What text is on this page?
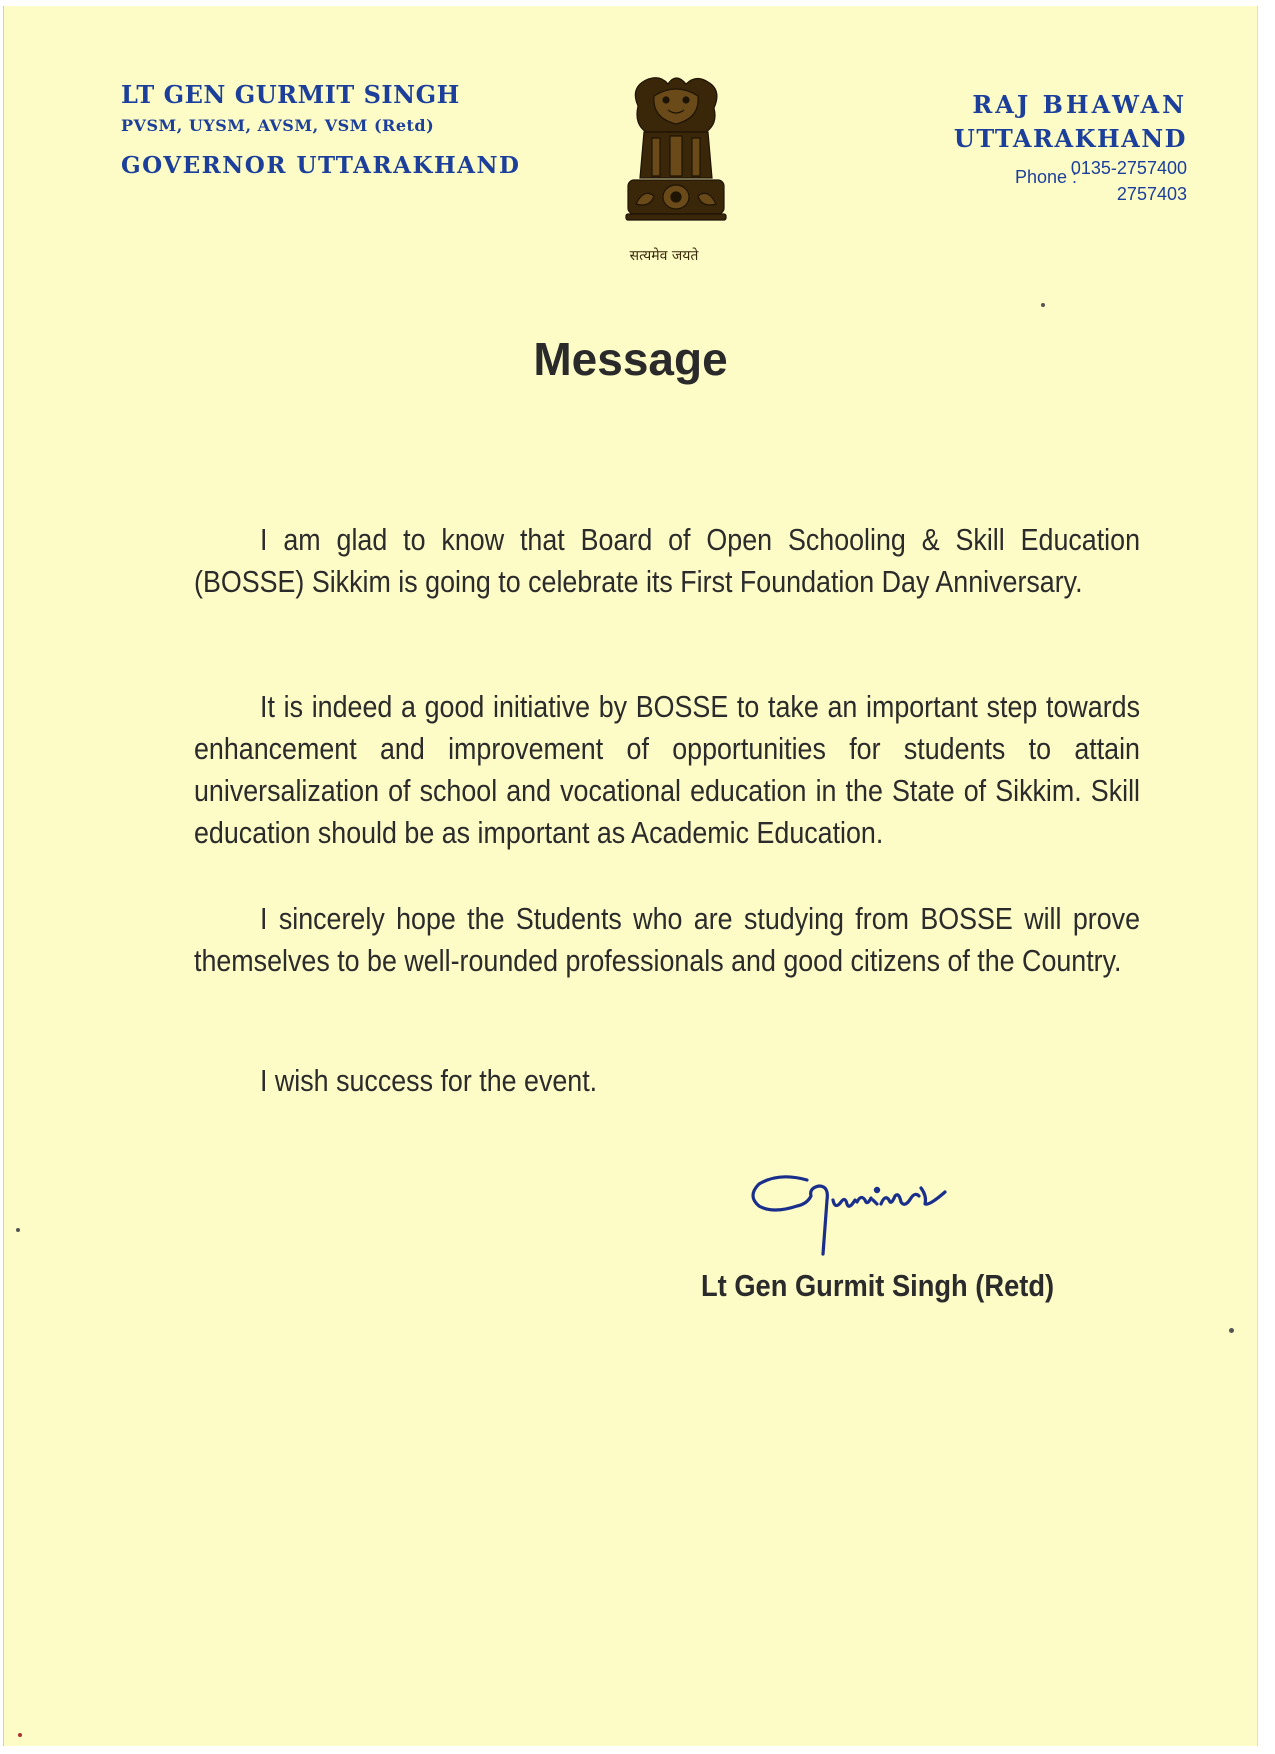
LT GEN GURMIT SINGH
PVSM, UYSM, AVSM, VSM (Retd)
GOVERNOR UTTARAKHAND
सत्यमेव जयते
RAJ BHAWAN
UTTARAKHAND
Phone :
0135-2757400
2757403
Message

I am glad to know that Board of Open Schooling & Skill Education (BOSSE) Sikkim is going to celebrate its First Foundation Day Anniversary.

It is indeed a good initiative by BOSSE to take an important step towards enhancement and improvement of opportunities for students to attain universalization of school and vocational education in the State of Sikkim. Skill education should be as important as Academic Education.

I sincerely hope the Students who are studying from BOSSE will prove themselves to be well-rounded professionals and good citizens of the Country.

I wish success for the event.

Lt Gen Gurmit Singh (Retd)
